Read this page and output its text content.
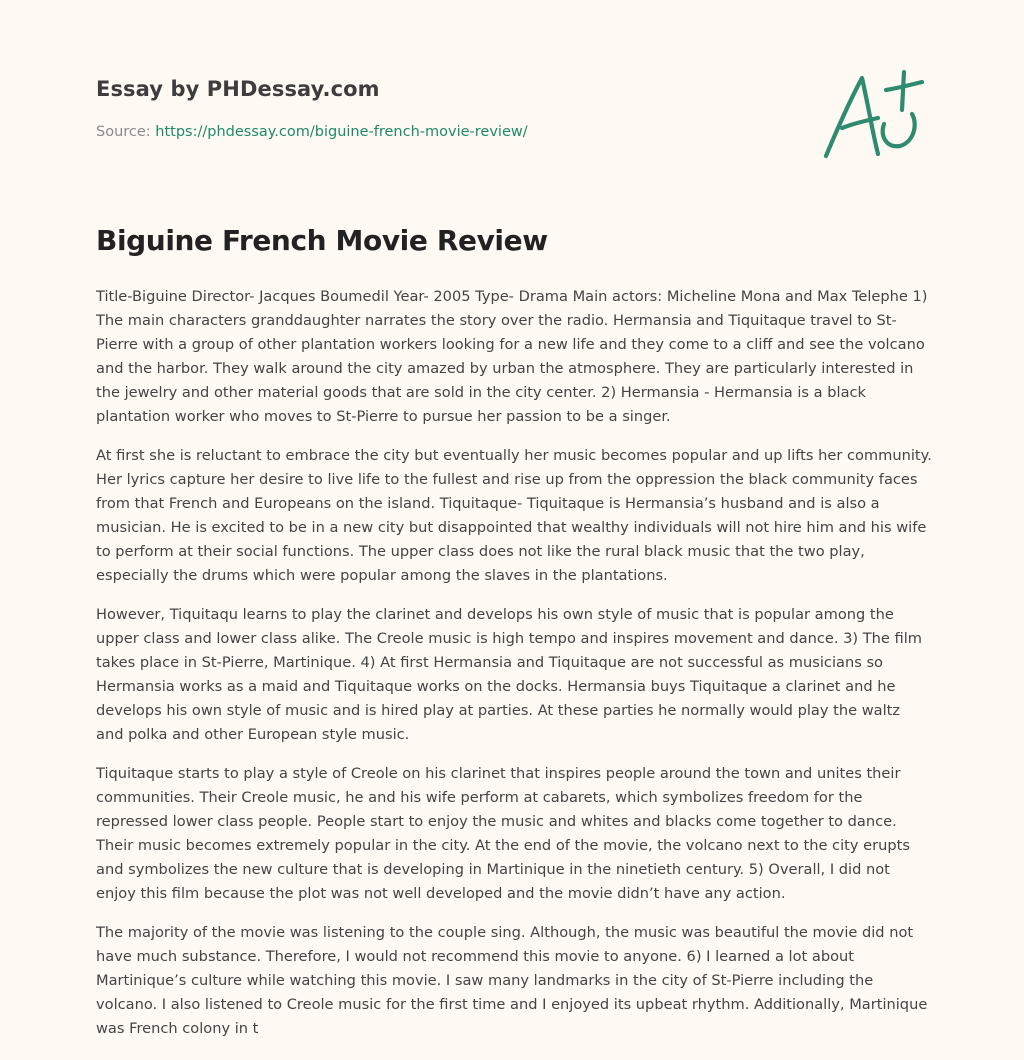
Essay by PHDessay.com
Source: https://phdessay.com/biguine-french-movie-review/
Biguine French Movie Review

Title-Biguine Director- Jacques Boumedil Year- 2005 Type- Drama Main actors: Micheline Mona and Max Telephe 1) The main characters granddaughter narrates the story over the radio. Hermansia and Tiquitaque travel to St-Pierre with a group of other plantation workers looking for a new life and they come to a cliff and see the volcano and the harbor. They walk around the city amazed by urban the atmosphere. They are particularly interested in the jewelry and other material goods that are sold in the city center. 2) Hermansia - Hermansia is a black plantation worker who moves to St-Pierre to pursue her passion to be a singer.

At first she is reluctant to embrace the city but eventually her music becomes popular and up lifts her community. Her lyrics capture her desire to live life to the fullest and rise up from the oppression the black community faces from that French and Europeans on the island. Tiquitaque- Tiquitaque is Hermansia’s husband and is also a musician. He is excited to be in a new city but disappointed that wealthy individuals will not hire him and his wife to perform at their social functions. The upper class does not like the rural black music that the two play, especially the drums which were popular among the slaves in the plantations.

However, Tiquitaqu learns to play the clarinet and develops his own style of music that is popular among the upper class and lower class alike. The Creole music is high tempo and inspires movement and dance. 3) The film takes place in St-Pierre, Martinique. 4) At first Hermansia and Tiquitaque are not successful as musicians so Hermansia works as a maid and Tiquitaque works on the docks. Hermansia buys Tiquitaque a clarinet and he develops his own style of music and is hired play at parties. At these parties he normally would play the waltz and polka and other European style music.

Tiquitaque starts to play a style of Creole on his clarinet that inspires people around the town and unites their communities. Their Creole music, he and his wife perform at cabarets, which symbolizes freedom for the repressed lower class people. People start to enjoy the music and whites and blacks come together to dance. Their music becomes extremely popular in the city. At the end of the movie, the volcano next to the city erupts and symbolizes the new culture that is developing in Martinique in the ninetieth century. 5) Overall, I did not enjoy this film because the plot was not well developed and the movie didn’t have any action.

The majority of the movie was listening to the couple sing. Although, the music was beautiful the movie did not have much substance. Therefore, I would not recommend this movie to anyone. 6) I learned a lot about Martinique’s culture while watching this movie. I saw many landmarks in the city of St-Pierre including the volcano. I also listened to Creole music for the first time and I enjoyed its upbeat rhythm. Additionally, Martinique was French colony in t
